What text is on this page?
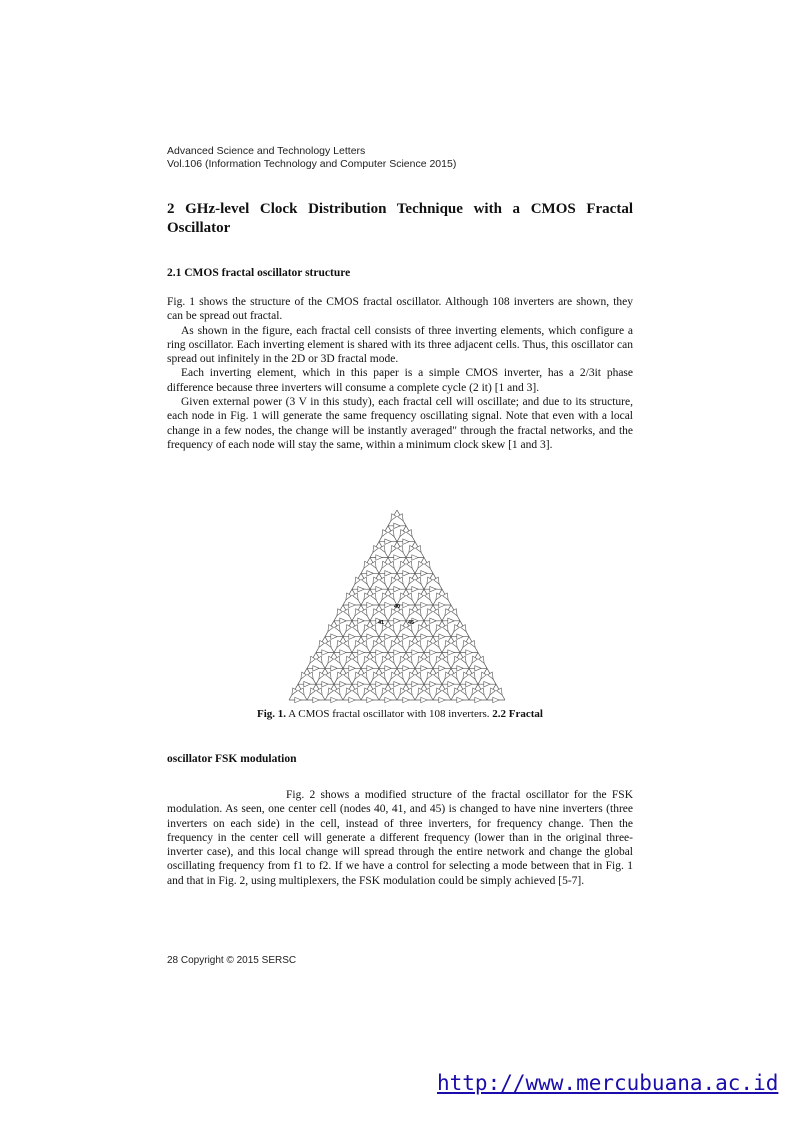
Advanced Science and Technology Letters
Vol.106 (Information Technology and Computer Science 2015)
2 GHz-level Clock Distribution Technique with a CMOS Fractal Oscillator
2.1 CMOS fractal oscillator structure

Fig. 1 shows the structure of the CMOS fractal oscillator. Although 108 inverters are shown, they can be spread out fractal.

As shown in the figure, each fractal cell consists of three inverting elements, which configure a ring oscillator. Each inverting element is shared with its three adjacent cells. Thus, this oscillator can spread out infinitely in the 2D or 3D fractal mode.

Each inverting element, which in this paper is a simple CMOS inverter, has a 2/3it phase difference because three inverters will consume a complete cycle (2 it) [1 and 3].

Given external power (3 V in this study), each fractal cell will oscillate; and due to its structure, each node in Fig. 1 will generate the same frequency oscillating signal. Note that even with a local change in a few nodes, the change will be instantly averaged" through the fractal networks, and the frequency of each node will stay the same, within a minimum clock skew [1 and 3].

40
41	45
Fig. 1. A CMOS fractal oscillator with 108 inverters. 2.2 Fractal
oscillator FSK modulation

Fig. 2 shows a modified structure of the fractal oscillator for the FSK modulation. As seen, one center cell (nodes 40, 41, and 45) is changed to have nine inverters (three inverters on each side) in the cell, instead of three inverters, for frequency change. Then the frequency in the center cell will generate a different frequency (lower than in the original three-inverter case), and this local change will spread through the entire network and change the global oscillating frequency from f1 to f2. If we have a control for selecting a mode between that in Fig. 1 and that in Fig. 2, using multiplexers, the FSK modulation could be simply achieved [5-7].

28 Copyright © 2015 SERSC
http://www.mercubuana.ac.id
